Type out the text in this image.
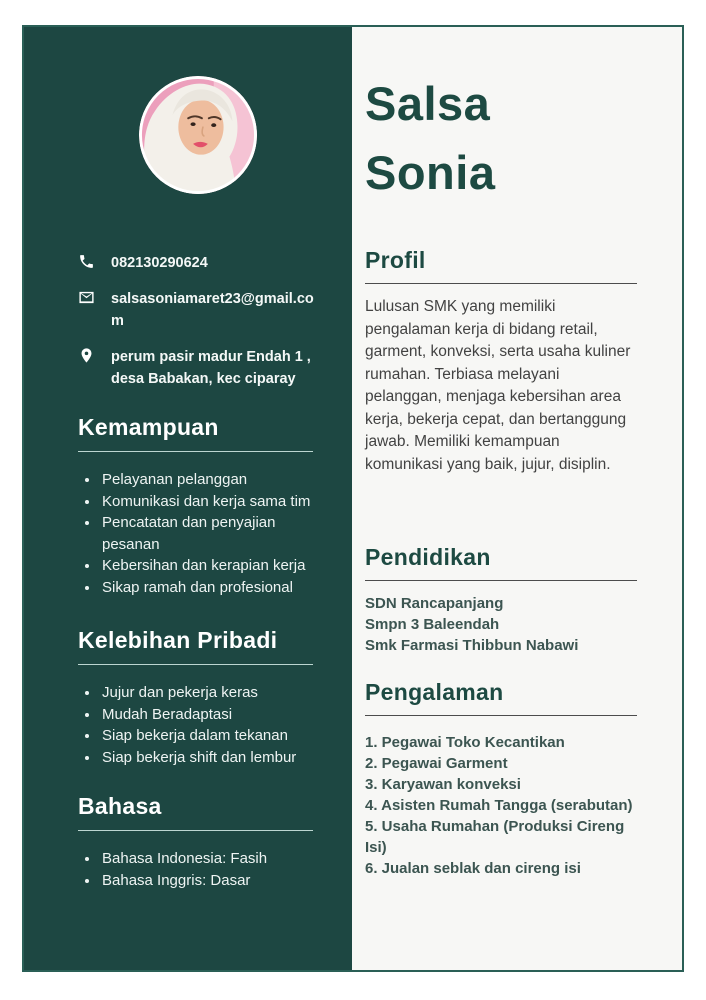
082130290624
salsasoniamaret23@gmail.com
perum pasir madur Endah 1 ,
desa Babakan, kec ciparay
Kemampuan
• Pelayanan pelanggan
• Komunikasi dan kerja sama tim
• Pencatatan dan penyajian pesanan
• Kebersihan dan kerapian kerja
• Sikap ramah dan profesional
Kelebihan Pribadi
• Jujur dan pekerja keras
• Mudah Beradaptasi
• Siap bekerja dalam tekanan
• Siap bekerja shift dan lembur
Bahasa
• Bahasa Indonesia: Fasih
• Bahasa Inggris: Dasar
Salsa
Sonia
Profil

Lulusan SMK yang memiliki pengalaman kerja di bidang retail, garment, konveksi, serta usaha kuliner rumahan. Terbiasa melayani pelanggan, menjaga kebersihan area kerja, bekerja cepat, dan bertanggung jawab. Memiliki kemampuan komunikasi yang baik, jujur, disiplin.

Pendidikan
SDN Rancapanjang
Smpn 3 Baleendah
Smk Farmasi Thibbun Nabawi
Pengalaman
1. Pegawai Toko Kecantikan
2. Pegawai Garment
3. Karyawan konveksi
4. Asisten Rumah Tangga (serabutan)
5. Usaha Rumahan (Produksi Cireng Isi)
6. Jualan seblak dan cireng isi
